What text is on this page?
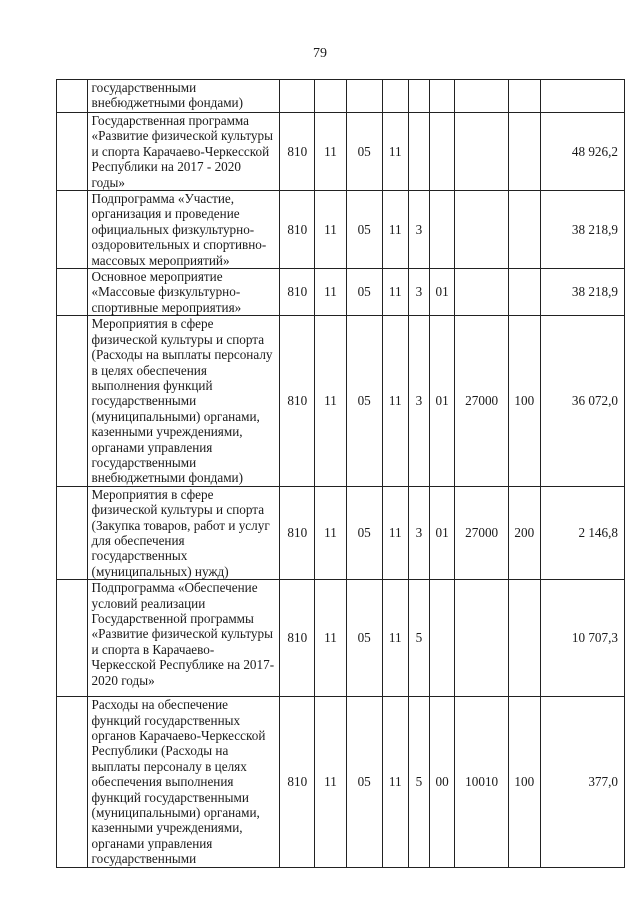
79
	государственными внебюджетными фондами)									
	Государственная программа «Развитие физической культуры и спорта Карачаево-Черкесской Республики на 2017 - 2020 годы»	810	11	05	11					48 926,2
	Подпрограмма «Участие, организация и проведение официальных физкультурно-оздоровительных и спортивно-массовых мероприятий»	810	11	05	11	3				38 218,9
	Основное мероприятие «Массовые физкультурно-спортивные мероприятия»	810	11	05	11	3	01			38 218,9
	Мероприятия в сфере физической культуры и спорта (Расходы на выплаты персоналу в целях обеспечения выполнения функций государственными (муниципальными) органами, казенными учреждениями, органами управления государственными внебюджетными фондами)	810	11	05	11	3	01	27000	100	36 072,0
	Мероприятия в сфере физической культуры и спорта (Закупка товаров, работ и услуг для обеспечения государственных (муниципальных) нужд)	810	11	05	11	3	01	27000	200	2 146,8
	Подпрограмма «Обеспечение условий реализации Государственной программы «Развитие физической культуры и спорта в Карачаево-Черкесской Республике на 2017-2020 годы»	810	11	05	11	5				10 707,3
	Расходы на обеспечение функций государственных органов Карачаево-Черкесской Республики (Расходы на выплаты персоналу в целях обеспечения выполнения функций государственными (муниципальными) органами, казенными учреждениями, органами управления государственными	810	11	05	11	5	00	10010	100	377,0
